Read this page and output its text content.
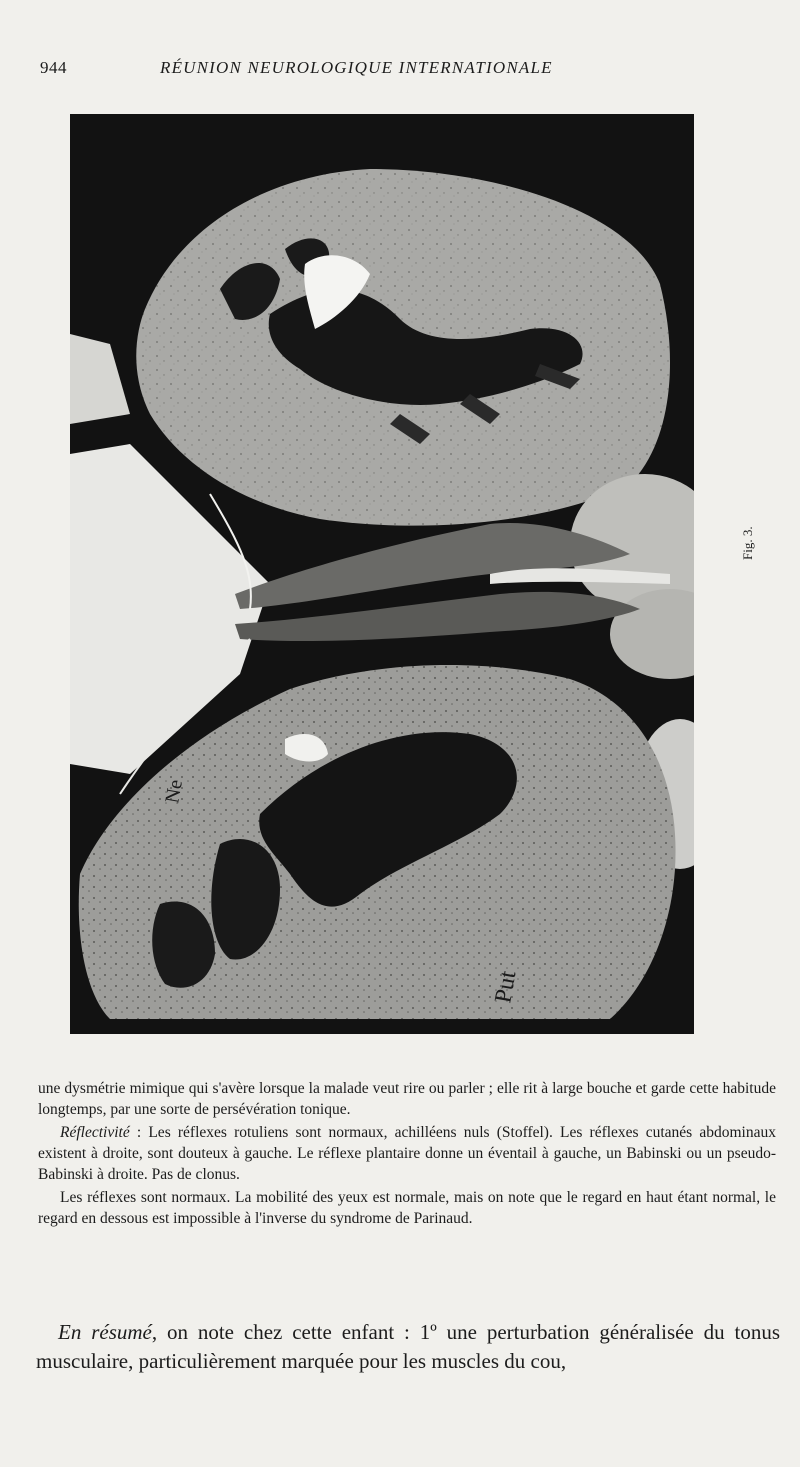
944	RÉUNION NEUROLOGIQUE INTERNATIONALE
Ne
Put
Fig. 3.

une dysmétrie mimique qui s'avère lorsque la malade veut rire ou parler ; elle rit à large bouche et garde cette habitude longtemps, par une sorte de persévération tonique.

Réflectivité : Les réflexes rotuliens sont normaux, achilléens nuls (Stoffel). Les réflexes cutanés abdominaux existent à droite, sont douteux à gauche. Le réflexe plantaire donne un éventail à gauche, un Babinski ou un pseudo-Babinski à droite. Pas de clonus.

Les réflexes sont normaux. La mobilité des yeux est normale, mais on note que le regard en haut étant normal, le regard en dessous est impossible à l'inverse du syndrome de Parinaud.

En résumé, on note chez cette enfant : 1º une perturbation généralisée du tonus musculaire, particulièrement marquée pour les muscles du cou,
